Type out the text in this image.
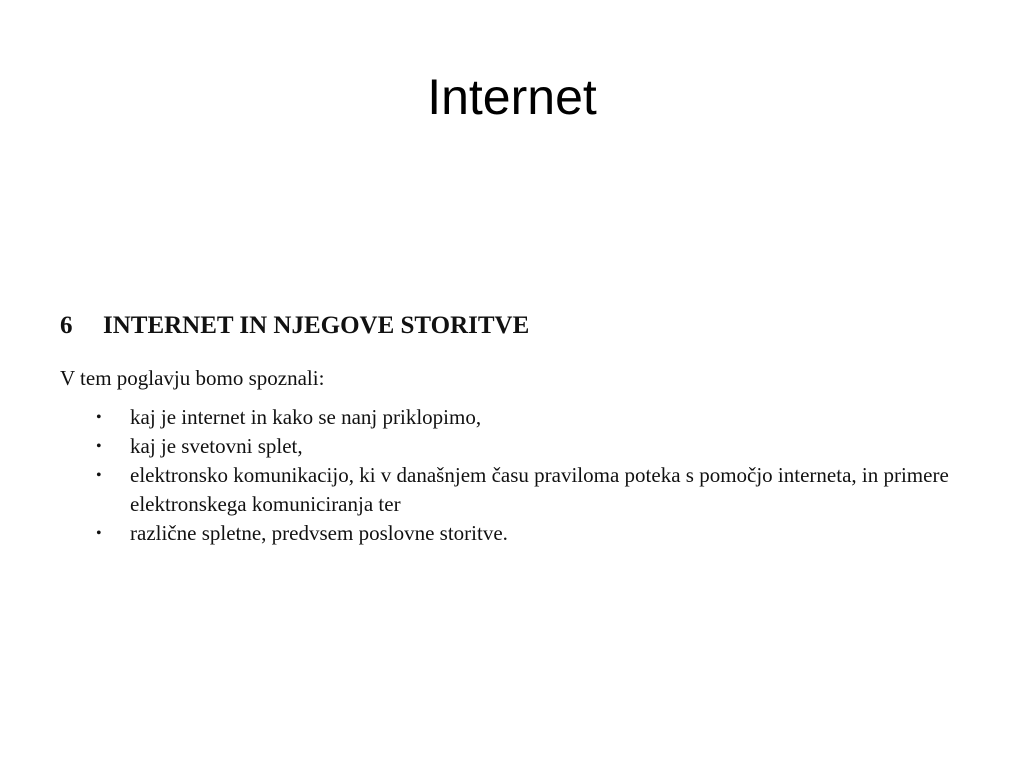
Internet
6	INTERNET IN NJEGOVE STORITVE

V tem poglavju bomo spoznali:

•	kaj je internet in kako se nanj priklopimo,
•	kaj je svetovni splet,
•	elektronsko komunikacijo, ki v današnjem času praviloma poteka s pomočjo interneta, in primere elektronskega komuniciranja ter
•	različne spletne, predvsem poslovne storitve.
